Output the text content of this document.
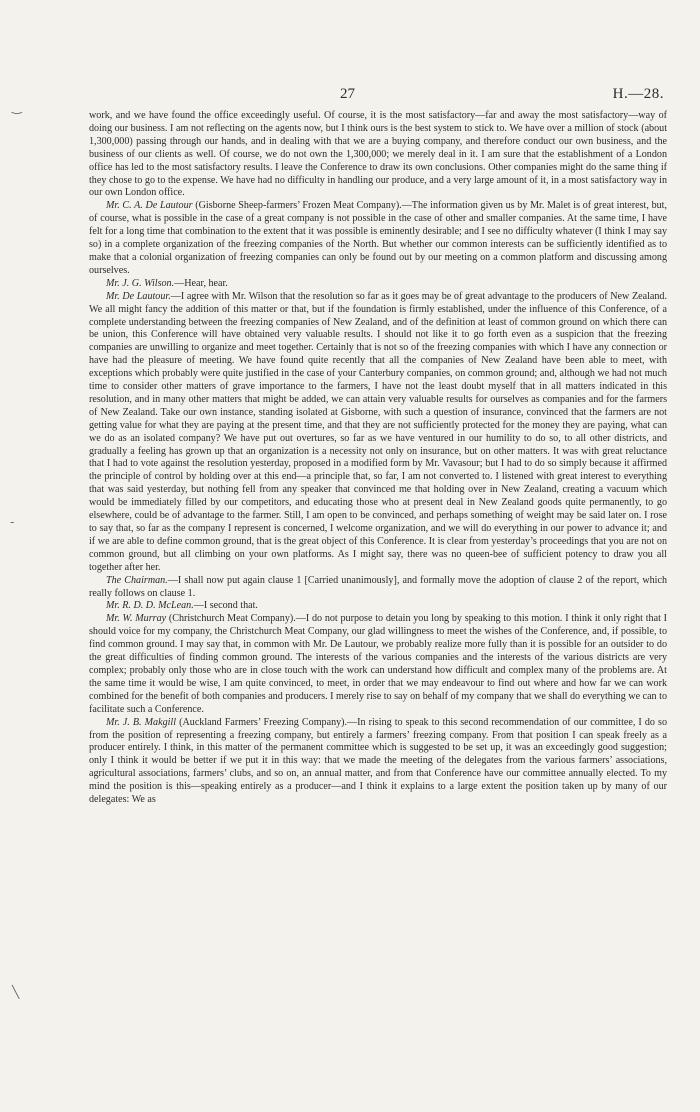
‿
‐
╲
27	H.—28.

work, and we have found the office exceedingly useful. Of course, it is the most satisfactory—far and away the most satisfactory—way of doing our business. I am not reflecting on the agents now, but I think ours is the best system to stick to. We have over a million of stock (about 1,300,000) passing through our hands, and in dealing with that we are a buying company, and therefore conduct our own business, and the business of our clients as well. Of course, we do not own the 1,300,000; we merely deal in it. I am sure that the establishment of a London office has led to the most satisfactory results. I leave the Conference to draw its own conclusions. Other companies might do the same thing if they chose to go to the expense. We have had no difficulty in handling our produce, and a very large amount of it, in a most satisfactory way in our own London office.

Mr. C. A. De Lautour (Gisborne Sheep-farmers’ Frozen Meat Company).—The information given us by Mr. Malet is of great interest, but, of course, what is possible in the case of a great company is not possible in the case of other and smaller companies. At the same time, I have felt for a long time that combination to the extent that it was possible is eminently desirable; and I see no difficulty whatever (I think I may say so) in a complete organization of the freezing companies of the North. But whether our common interests can be sufficiently identified as to make that a colonial organization of freezing companies can only be found out by our meeting on a common platform and discussing among ourselves.

Mr. J. G. Wilson.—Hear, hear.

Mr. De Lautour.—I agree with Mr. Wilson that the resolution so far as it goes may be of great advantage to the producers of New Zealand. We all might fancy the addition of this matter or that, but if the foundation is firmly established, under the influence of this Conference, of a complete understanding between the freezing companies of New Zealand, and of the definition at least of common ground on which there can be union, this Conference will have obtained very valuable results. I should not like it to go forth even as a suspicion that the freezing companies are unwilling to organize and meet together. Certainly that is not so of the freezing companies with which I have any connection or have had the pleasure of meeting. We have found quite recently that all the companies of New Zealand have been able to meet, with exceptions which probably were quite justified in the case of your Canterbury companies, on common ground; and, although we had not much time to consider other matters of grave importance to the farmers, I have not the least doubt myself that in all matters indicated in this resolution, and in many other matters that might be added, we can attain very valuable results for ourselves as companies and for the farmers of New Zealand. Take our own instance, standing isolated at Gisborne, with such a question of insurance, convinced that the farmers are not getting value for what they are paying at the present time, and that they are not sufficiently protected for the money they are paying, what can we do as an isolated company? We have put out overtures, so far as we have ventured in our humility to do so, to all other districts, and gradually a feeling has grown up that an organization is a necessity not only on insurance, but on other matters. It was with great reluctance that I had to vote against the resolution yesterday, proposed in a modified form by Mr. Vavasour; but I had to do so simply because it affirmed the principle of control by holding over at this end—a principle that, so far, I am not converted to. I listened with great interest to everything that was said yesterday, but nothing fell from any speaker that convinced me that holding over in New Zealand, creating a vacuum which would be immediately filled by our competitors, and educating those who at present deal in New Zealand goods quite permanently, to go elsewhere, could be of advantage to the farmer. Still, I am open to be convinced, and perhaps something of weight may be said later on. I rose to say that, so far as the company I represent is concerned, I welcome organization, and we will do everything in our power to advance it; and if we are able to define common ground, that is the great object of this Conference. It is clear from yesterday’s proceedings that you are not on common ground, but all climbing on your own platforms. As I might say, there was no queen-bee of sufficient potency to draw you all together after her.

The Chairman.—I shall now put again clause 1 [Carried unanimously], and formally move the adoption of clause 2 of the report, which really follows on clause 1.

Mr. R. D. D. McLean.—I second that.

Mr. W. Murray (Christchurch Meat Company).—I do not purpose to detain you long by speaking to this motion. I think it only right that I should voice for my company, the Christchurch Meat Company, our glad willingness to meet the wishes of the Conference, and, if possible, to find common ground. I may say that, in common with Mr. De Lautour, we probably realize more fully than it is possible for an outsider to do the great difficulties of finding common ground. The interests of the various companies and the interests of the various districts are very complex; probably only those who are in close touch with the work can understand how difficult and complex many of the problems are. At the same time it would be wise, I am quite convinced, to meet, in order that we may endeavour to find out where and how far we can work combined for the benefit of both companies and producers. I merely rise to say on behalf of my company that we shall do everything we can to facilitate such a Conference.

Mr. J. B. Makgill (Auckland Farmers’ Freezing Company).—In rising to speak to this second recommendation of our committee, I do so from the position of representing a freezing company, but entirely a farmers’ freezing company. From that position I can speak freely as a producer entirely. I think, in this matter of the permanent committee which is suggested to be set up, it was an exceedingly good suggestion; only I think it would be better if we put it in this way: that we made the meeting of the delegates from the various farmers’ associations, agricultural associations, farmers’ clubs, and so on, an annual matter, and from that Conference have our committee annually elected. To my mind the position is this—speaking entirely as a producer—and I think it explains to a large extent the position taken up by many of our delegates: We as
